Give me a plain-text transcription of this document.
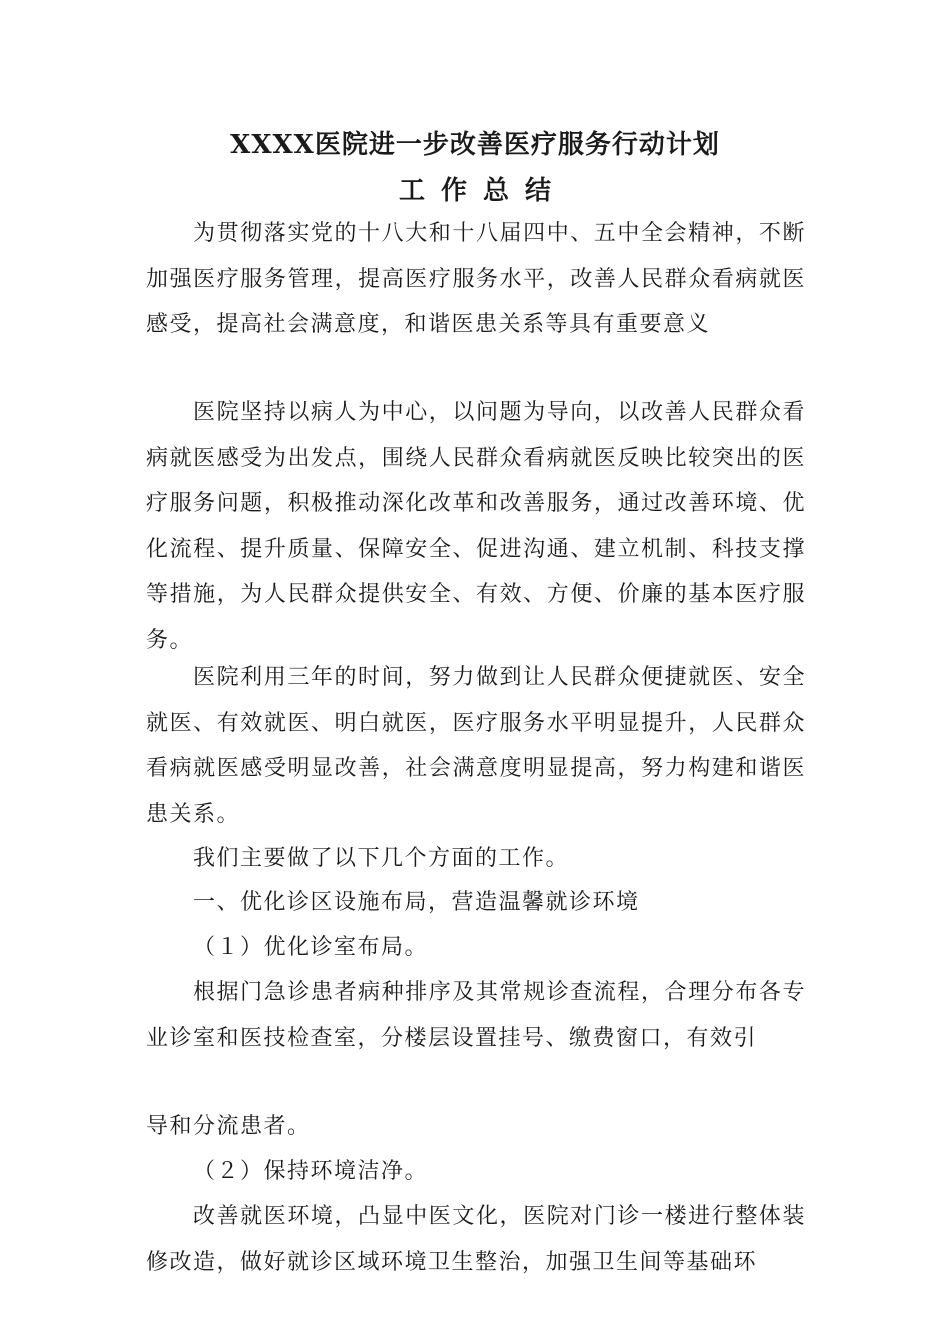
XXXX医院进一步改善医疗服务行动计划
工作总结

为贯彻落实党的十八大和十八届四中、五中全会精神，不断加强医疗服务管理，提高医疗服务水平，改善人民群众看病就医感受，提高社会满意度，和谐医患关系等具有重要意义

医院坚持以病人为中心，以问题为导向，以改善人民群众看病就医感受为出发点，围绕人民群众看病就医反映比较突出的医疗服务问题，积极推动深化改革和改善服务，通过改善环境、优化流程、提升质量、保障安全、促进沟通、建立机制、科技支撑等措施，为人民群众提供安全、有效、方便、价廉的基本医疗服务。

医院利用三年的时间，努力做到让人民群众便捷就医、安全就医、有效就医、明白就医，医疗服务水平明显提升，人民群众看病就医感受明显改善，社会满意度明显提高，努力构建和谐医患关系。

我们主要做了以下几个方面的工作。
一、优化诊区设施布局，营造温馨就诊环境
（１）优化诊室布局。

根据门急诊患者病种排序及其常规诊查流程，合理分布各专业诊室和医技检查室，分楼层设置挂号、缴费窗口，有效引

导和分流患者。
（２）保持环境洁净。

改善就医环境，凸显中医文化，医院对门诊一楼进行整体装修改造，做好就诊区域环境卫生整治，加强卫生间等基础环
